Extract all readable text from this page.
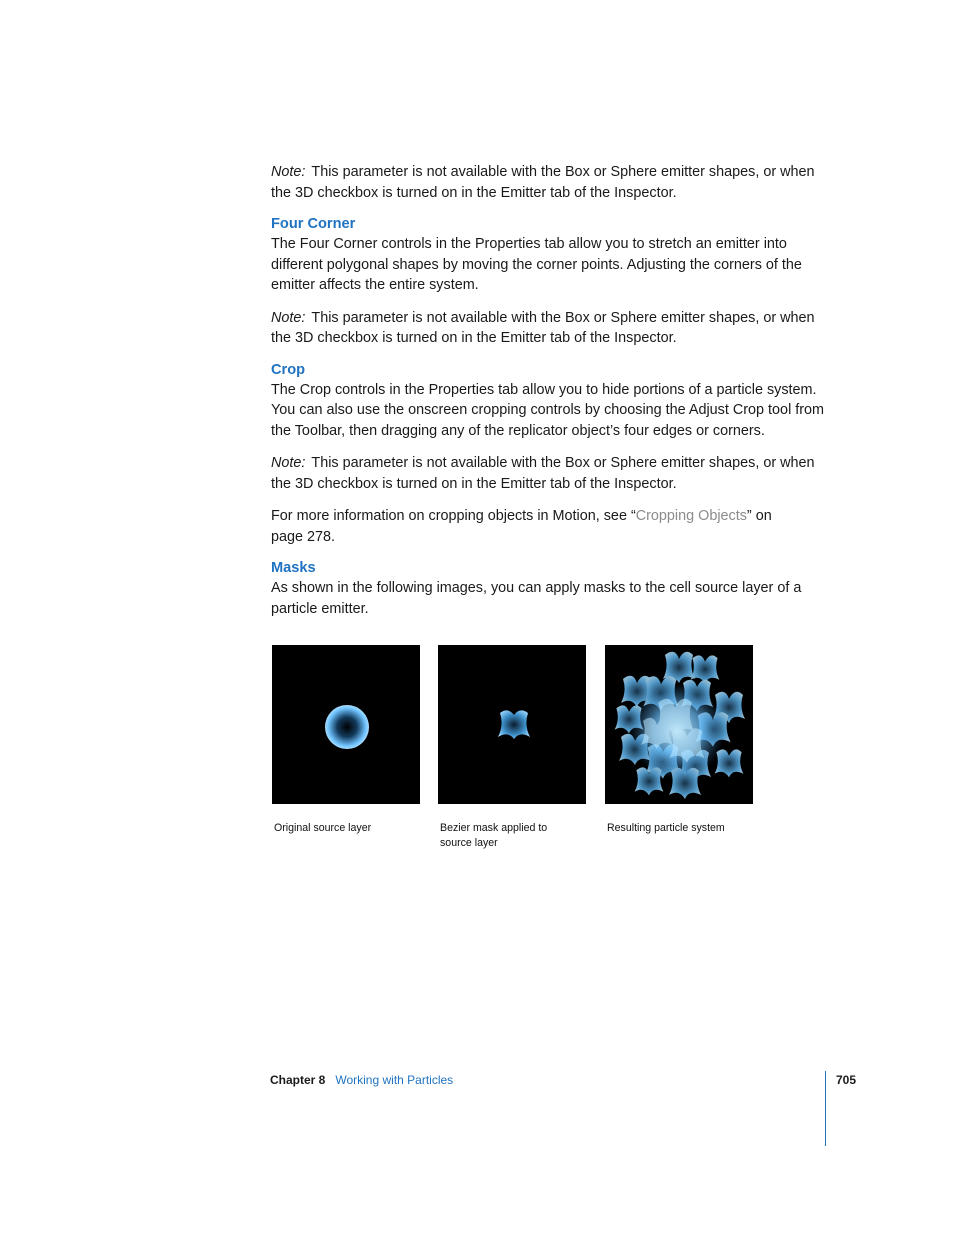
Note: This parameter is not available with the Box or Sphere emitter shapes, or when the 3D checkbox is turned on in the Emitter tab of the Inspector.

Four Corner

The Four Corner controls in the Properties tab allow you to stretch an emitter into different polygonal shapes by moving the corner points. Adjusting the corners of the emitter affects the entire system.

Note: This parameter is not available with the Box or Sphere emitter shapes, or when the 3D checkbox is turned on in the Emitter tab of the Inspector.

Crop

The Crop controls in the Properties tab allow you to hide portions of a particle system. You can also use the onscreen cropping controls by choosing the Adjust Crop tool from the Toolbar, then dragging any of the replicator object’s four edges or corners.

Note: This parameter is not available with the Box or Sphere emitter shapes, or when the 3D checkbox is turned on in the Emitter tab of the Inspector.

For more information on cropping objects in Motion, see “Cropping Objects” on page 278.

Masks

As shown in the following images, you can apply masks to the cell source layer of a particle emitter.

Original source layer	Bezier mask applied to source layer
Resulting particle system
Chapter 8 Working with Particles	705
